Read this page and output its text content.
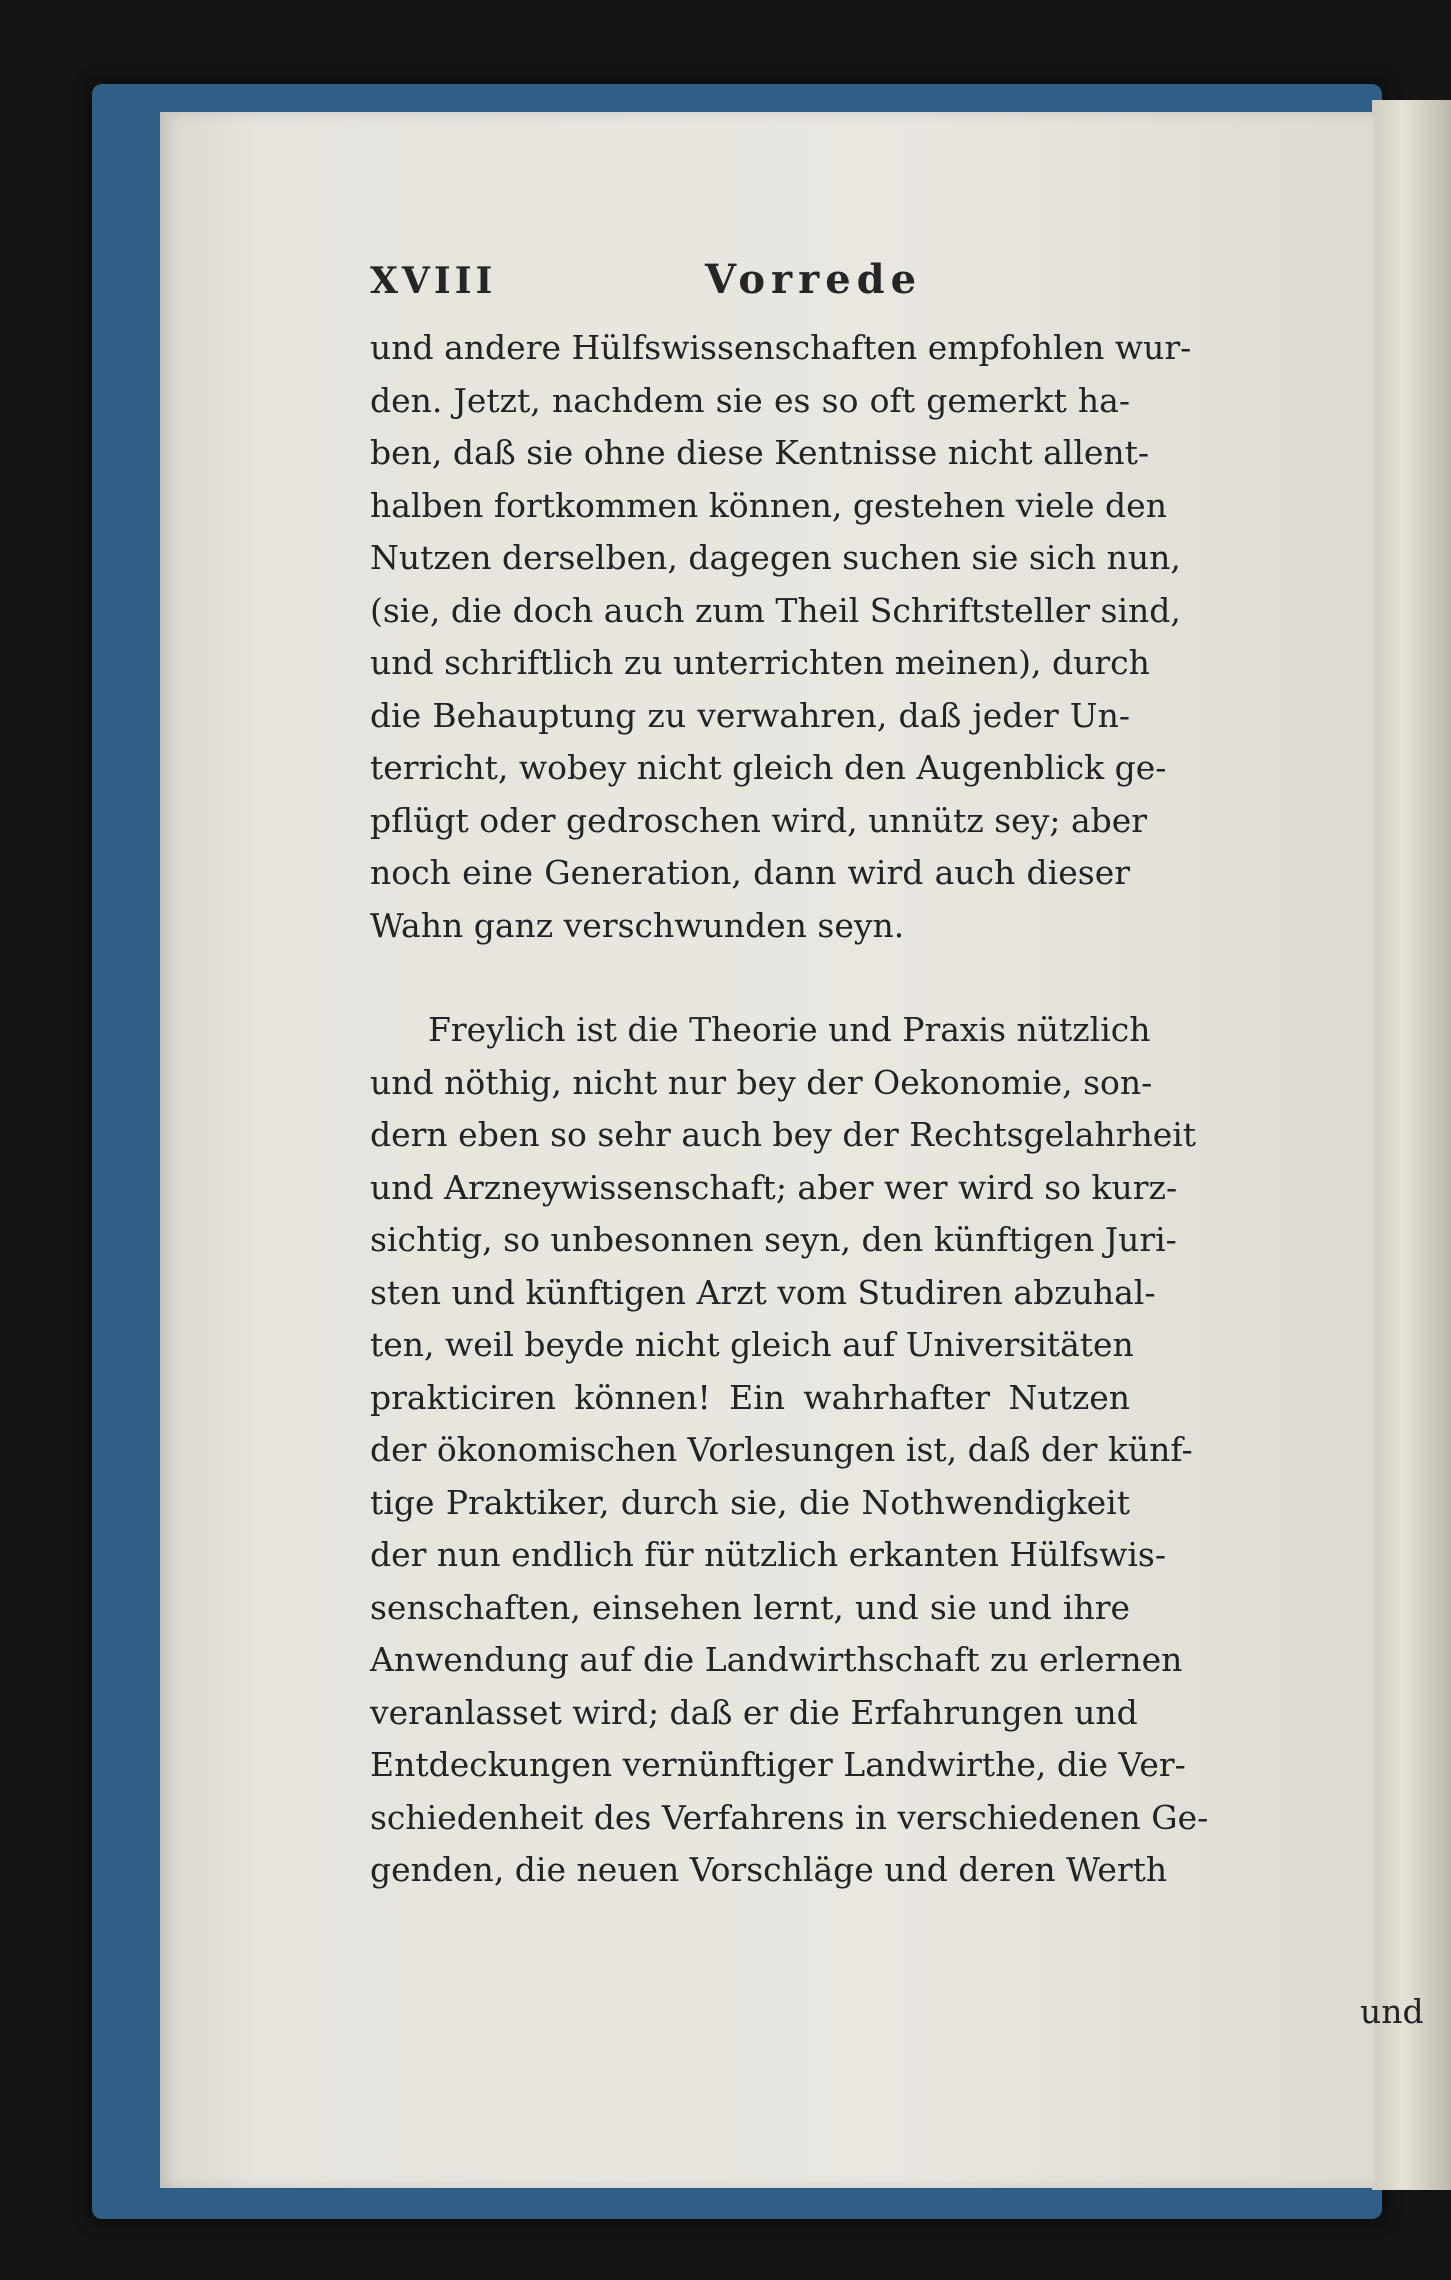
XVIII	Vorrede
und andere Hülfswissenschaften empfohlen wur-
den. Jetzt, nachdem sie es so oft gemerkt ha-
ben, daß sie ohne diese Kentnisse nicht allent-
halben fortkommen können, gestehen viele den
Nutzen derselben, dagegen suchen sie sich nun,
(sie, die doch auch zum Theil Schriftsteller sind,
und schriftlich zu unterrichten meinen), durch
die Behauptung zu verwahren, daß jeder Un-
terricht, wobey nicht gleich den Augenblick ge-
pflügt oder gedroschen wird, unnütz sey; aber
noch eine Generation, dann wird auch dieser
Wahn ganz verschwunden seyn.
Freylich ist die Theorie und Praxis nützlich
und nöthig, nicht nur bey der Oekonomie, son-
dern eben so sehr auch bey der Rechtsgelahrheit
und Arzneywissenschaft; aber wer wird so kurz-
sichtig, so unbesonnen seyn, den künftigen Juri-
sten und künftigen Arzt vom Studiren abzuhal-
ten, weil beyde nicht gleich auf Universitäten
prakticiren können! Ein wahrhafter Nutzen
der ökonomischen Vorlesungen ist, daß der künf-
tige Praktiker, durch sie, die Nothwendigkeit
der nun endlich für nützlich erkanten Hülfswis-
senschaften, einsehen lernt, und sie und ihre
Anwendung auf die Landwirthschaft zu erlernen
veranlasset wird; daß er die Erfahrungen und
Entdeckungen vernünftiger Landwirthe, die Ver-
schiedenheit des Verfahrens in verschiedenen Ge-
genden, die neuen Vorschläge und deren Werth
und
